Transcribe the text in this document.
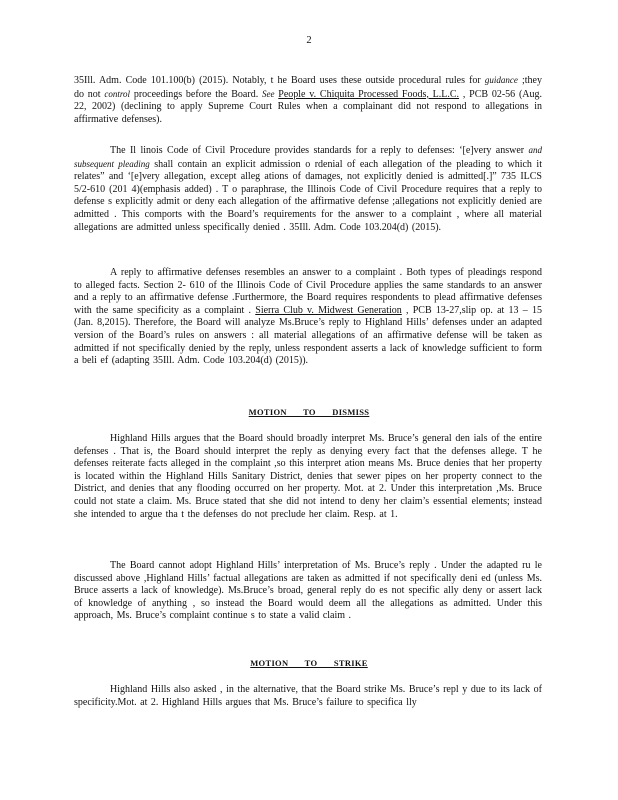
2

35Ill. Adm. Code 101.100(b) (2015). Notably, t he Board uses these outside procedural rules for guidance ;they do not control proceedings before the Board. See People v. Chiquita Processed Foods, L.L.C. , PCB 02-56 (Aug. 22, 2002) (declining to apply Supreme Court Rules when a complainant did not respond to allegations in affirmative defenses).

The Il linois Code of Civil Procedure provides standards for a reply to defenses: ‘[e]very answer and subsequent pleading shall contain an explicit admission o rdenial of each allegation of the pleading to which it relates” and ‘[e]very allegation, except alleg ations of damages, not explicitly denied is admitted[.]” 735 ILCS 5/2-610 (201 4)(emphasis added) . T o paraphrase, the Illinois Code of Civil Procedure requires that a reply to defense s explicitly admit or deny each allegation of the affirmative defense ;allegations not explicitly denied are admitted . This comports with the Board’s requirements for the answer to a complaint , where all material allegations are admitted unless specifically denied . 35Ill. Adm. Code 103.204(d) (2015).

A reply to affirmative defenses resembles an answer to a complaint . Both types of pleadings respond to alleged facts. Section 2- 610 of the Illinois Code of Civil Procedure applies the same standards to an answer and a reply to an affirmative defense .Furthermore, the Board requires respondents to plead affirmative defenses with the same specificity as a complaint . Sierra Club v. Midwest Generation , PCB 13-27,slip op. at 13 – 15 (Jan. 8,2015). Therefore, the Board will analyze Ms.Bruce’s reply to Highland Hills’ defenses under an adapted version of the Board’s rules on answers : all material allegations of an affirmative defense will be taken as admitted if not specifically denied by the reply, unless respondent asserts a lack of knowledge sufficient to form a beli ef (adapting 35Ill. Adm. Code 103.204(d) (2015)).

MOTION TO DISMISS

Highland Hills argues that the Board should broadly interpret Ms. Bruce’s general den ials of the entire defenses . That is, the Board should interpret the reply as denying every fact that the defenses allege. T he defenses reiterate facts alleged in the complaint ,so this interpret ation means Ms. Bruce denies that her property is located within the Highland Hills Sanitary District, denies that sewer pipes on her property connect to the District, and denies that any flooding occurred on her property. Mot. at 2. Under this interpretation ,Ms. Bruce could not state a claim. Ms. Bruce stated that she did not intend to deny her claim’s essential elements; instead she intended to argue tha t the defenses do not preclude her claim. Resp. at 1.

The Board cannot adopt Highland Hills’ interpretation of Ms. Bruce’s reply . Under the adapted ru le discussed above ,Highland Hills’ factual allegations are taken as admitted if not specifically deni ed (unless Ms. Bruce asserts a lack of knowledge). Ms.Bruce’s broad, general reply do es not specific ally deny or assert lack of knowledge of anything , so instead the Board would deem all the allegations as admitted. Under this approach, Ms. Bruce’s complaint continue s to state a valid claim .

MOTION TO STRIKE

Highland Hills also asked , in the alternative, that the Board strike Ms. Bruce’s repl y due to its lack of specificity.Mot. at 2. Highland Hills argues that Ms. Bruce’s failure to specifica lly
